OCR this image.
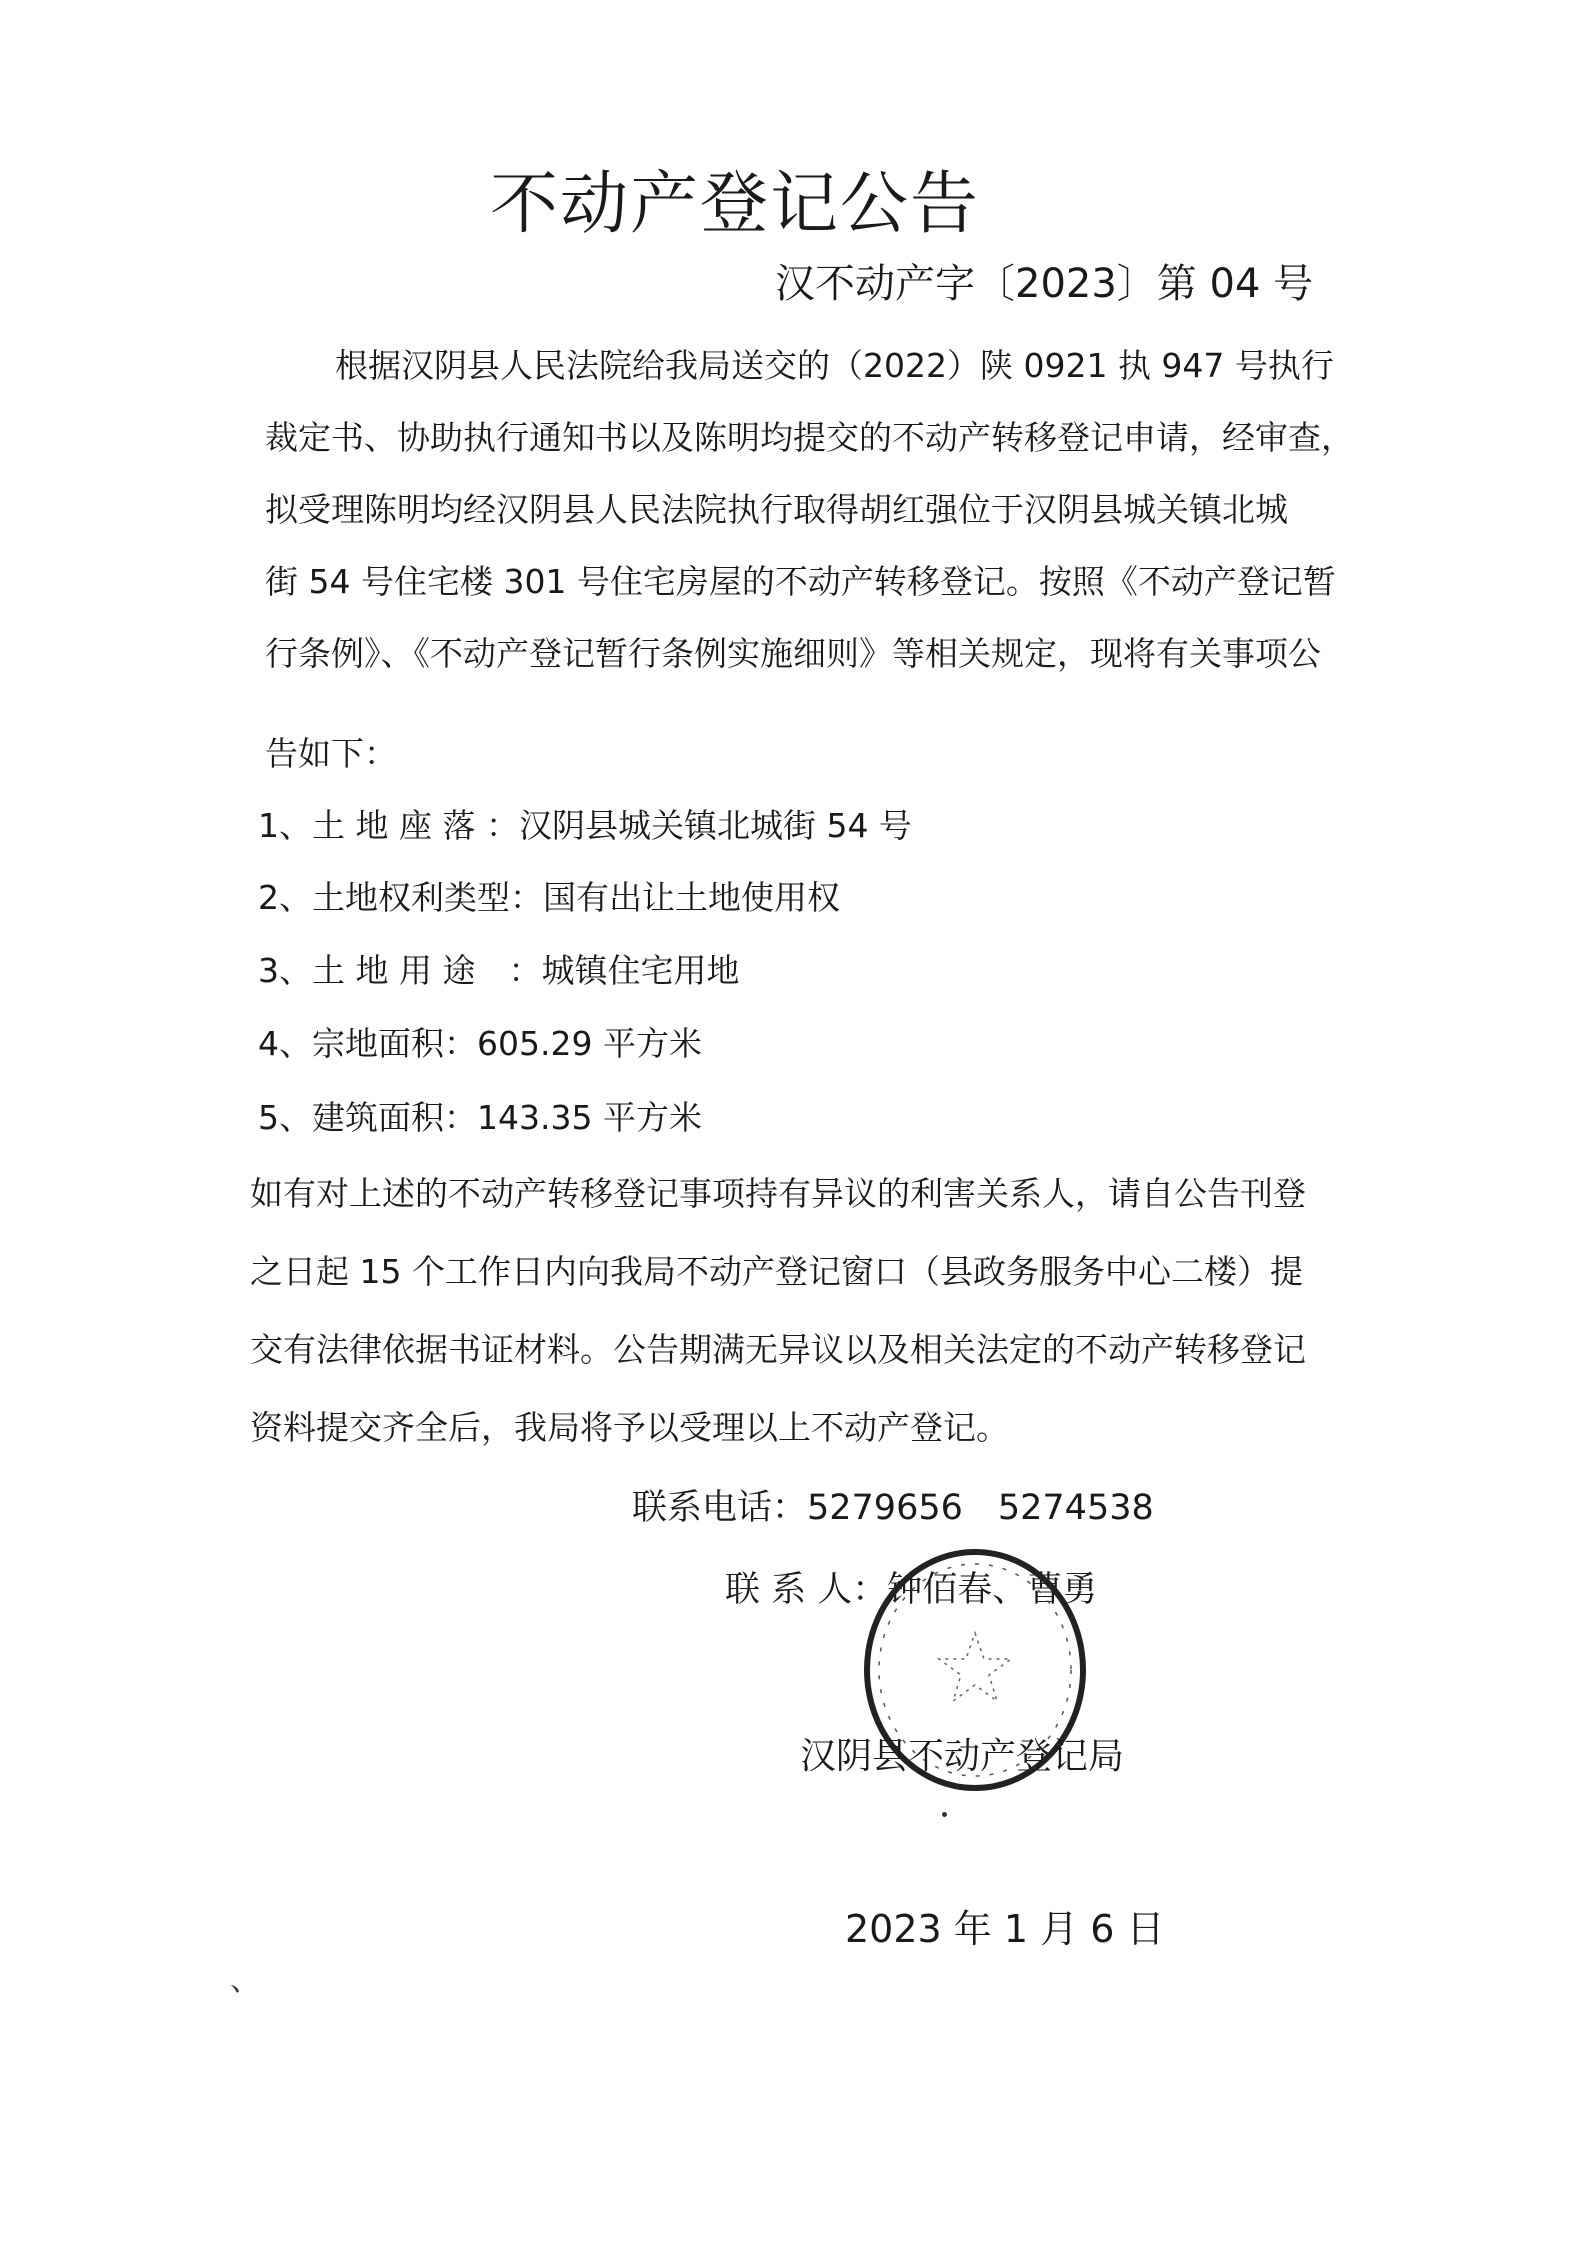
不动产登记公告
汉不动产字〔2023〕第 04 号
根据汉阴县人民法院给我局送交的（2022）陕 0921 执 947 号执行
裁定书、协助执行通知书以及陈明均提交的不动产转移登记申请，经审查，
拟受理陈明均经汉阴县人民法院执行取得胡红强位于汉阴县城关镇北城
街 54 号住宅楼 301 号住宅房屋的不动产转移登记。按照《不动产登记暂
行条例》、《不动产登记暂行条例实施细则》等相关规定，现将有关事项公
告如下：
1、土 地 座 落 ：汉阴县城关镇北城街 54 号
2、土地权利类型：国有出让土地使用权
3、土 地 用 途　：城镇住宅用地
4、宗地面积：605.29 平方米
5、建筑面积：143.35 平方米
如有对上述的不动产转移登记事项持有异议的利害关系人，请自公告刊登
之日起 15 个工作日内向我局不动产登记窗口（县政务服务中心二楼）提
交有法律依据书证材料。公告期满无异议以及相关法定的不动产转移登记
资料提交齐全后，我局将予以受理以上不动产登记。
联系电话：5279656　5274538
联 系 人：钟佰春、曹勇
汉阴县不动产登记局
2023 年 1 月 6 日
、
